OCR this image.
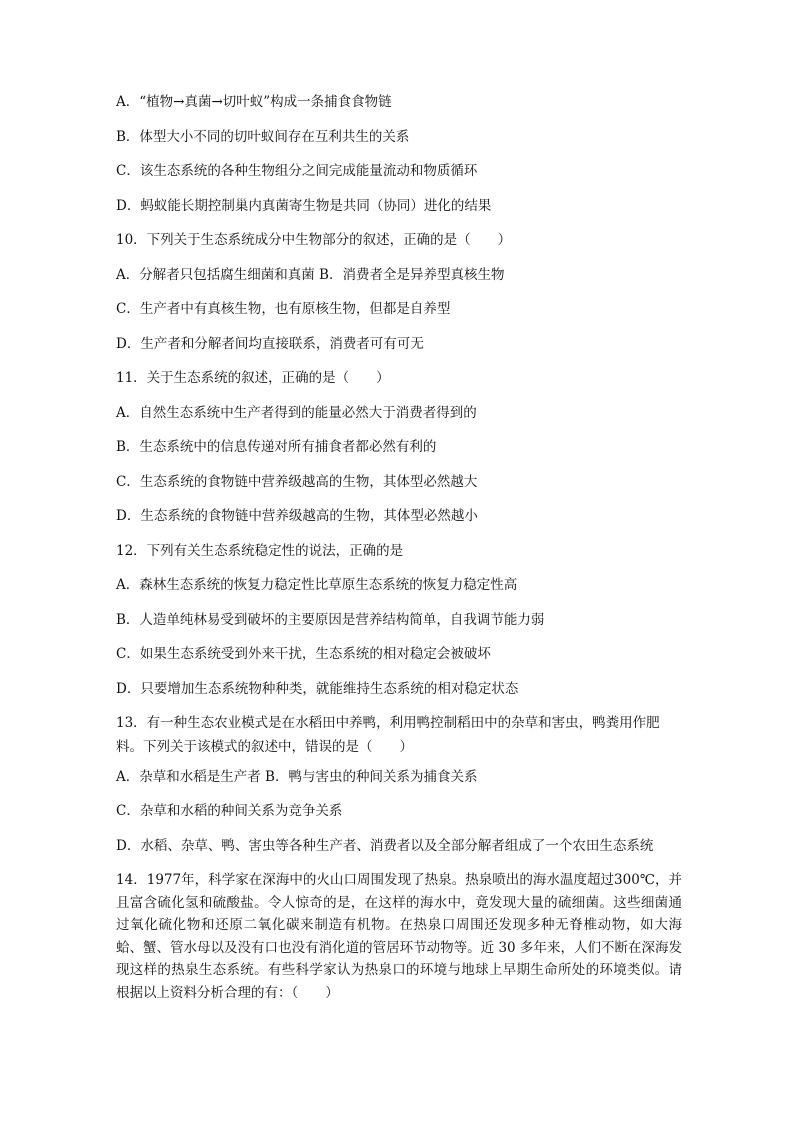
A．“植物→真菌→切叶蚁”构成一条捕食食物链
B．体型大小不同的切叶蚁间存在互利共生的关系
C．该生态系统的各种生物组分之间完成能量流动和物质循环
D．蚂蚁能长期控制巢内真菌寄生物是共同（协同）进化的结果
10．下列关于生态系统成分中生物部分的叙述，正确的是（　　）
A．分解者只包括腐生细菌和真菌 B．消费者全是异养型真核生物
C．生产者中有真核生物，也有原核生物，但都是自养型
D．生产者和分解者间均直接联系，消费者可有可无
11．关于生态系统的叙述，正确的是（　　）
A．自然生态系统中生产者得到的能量必然大于消费者得到的
B．生态系统中的信息传递对所有捕食者都必然有利的
C．生态系统的食物链中营养级越高的生物，其体型必然越大
D．生态系统的食物链中营养级越高的生物，其体型必然越小
12．下列有关生态系统稳定性的说法，正确的是
A．森林生态系统的恢复力稳定性比草原生态系统的恢复力稳定性高
B．人造单纯林易受到破坏的主要原因是营养结构简单，自我调节能力弱
C．如果生态系统受到外来干扰，生态系统的相对稳定会被破坏
D．只要增加生态系统物种种类，就能维持生态系统的相对稳定状态
13．有一种生态农业模式是在水稻田中养鸭，利用鸭控制稻田中的杂草和害虫，鸭粪用作肥
料。下列关于该模式的叙述中，错误的是（　　）
A．杂草和水稻是生产者 B．鸭与害虫的种间关系为捕食关系
C．杂草和水稻的种间关系为竞争关系
D．水稻、杂草、鸭、害虫等各种生产者、消费者以及全部分解者组成了一个农田生态系统
14．1977年，科学家在深海中的火山口周围发现了热泉。热泉喷出的海水温度超过300℃，并且富含硫化氢和硫酸盐。令人惊奇的是，在这样的海水中，竟发现大量的硫细菌。这些细菌通过氧化硫化物和还原二氧化碳来制造有机物。在热泉口周围还发现多种无脊椎动物，如大海蛤、蟹、管水母以及没有口也没有消化道的管居环节动物等。近 30 多年来，人们不断在深海发现这样的热泉生态系统。有些科学家认为热泉口的环境与地球上早期生命所处的环境类似。请根据以上资料分析合理的有：（　　）
